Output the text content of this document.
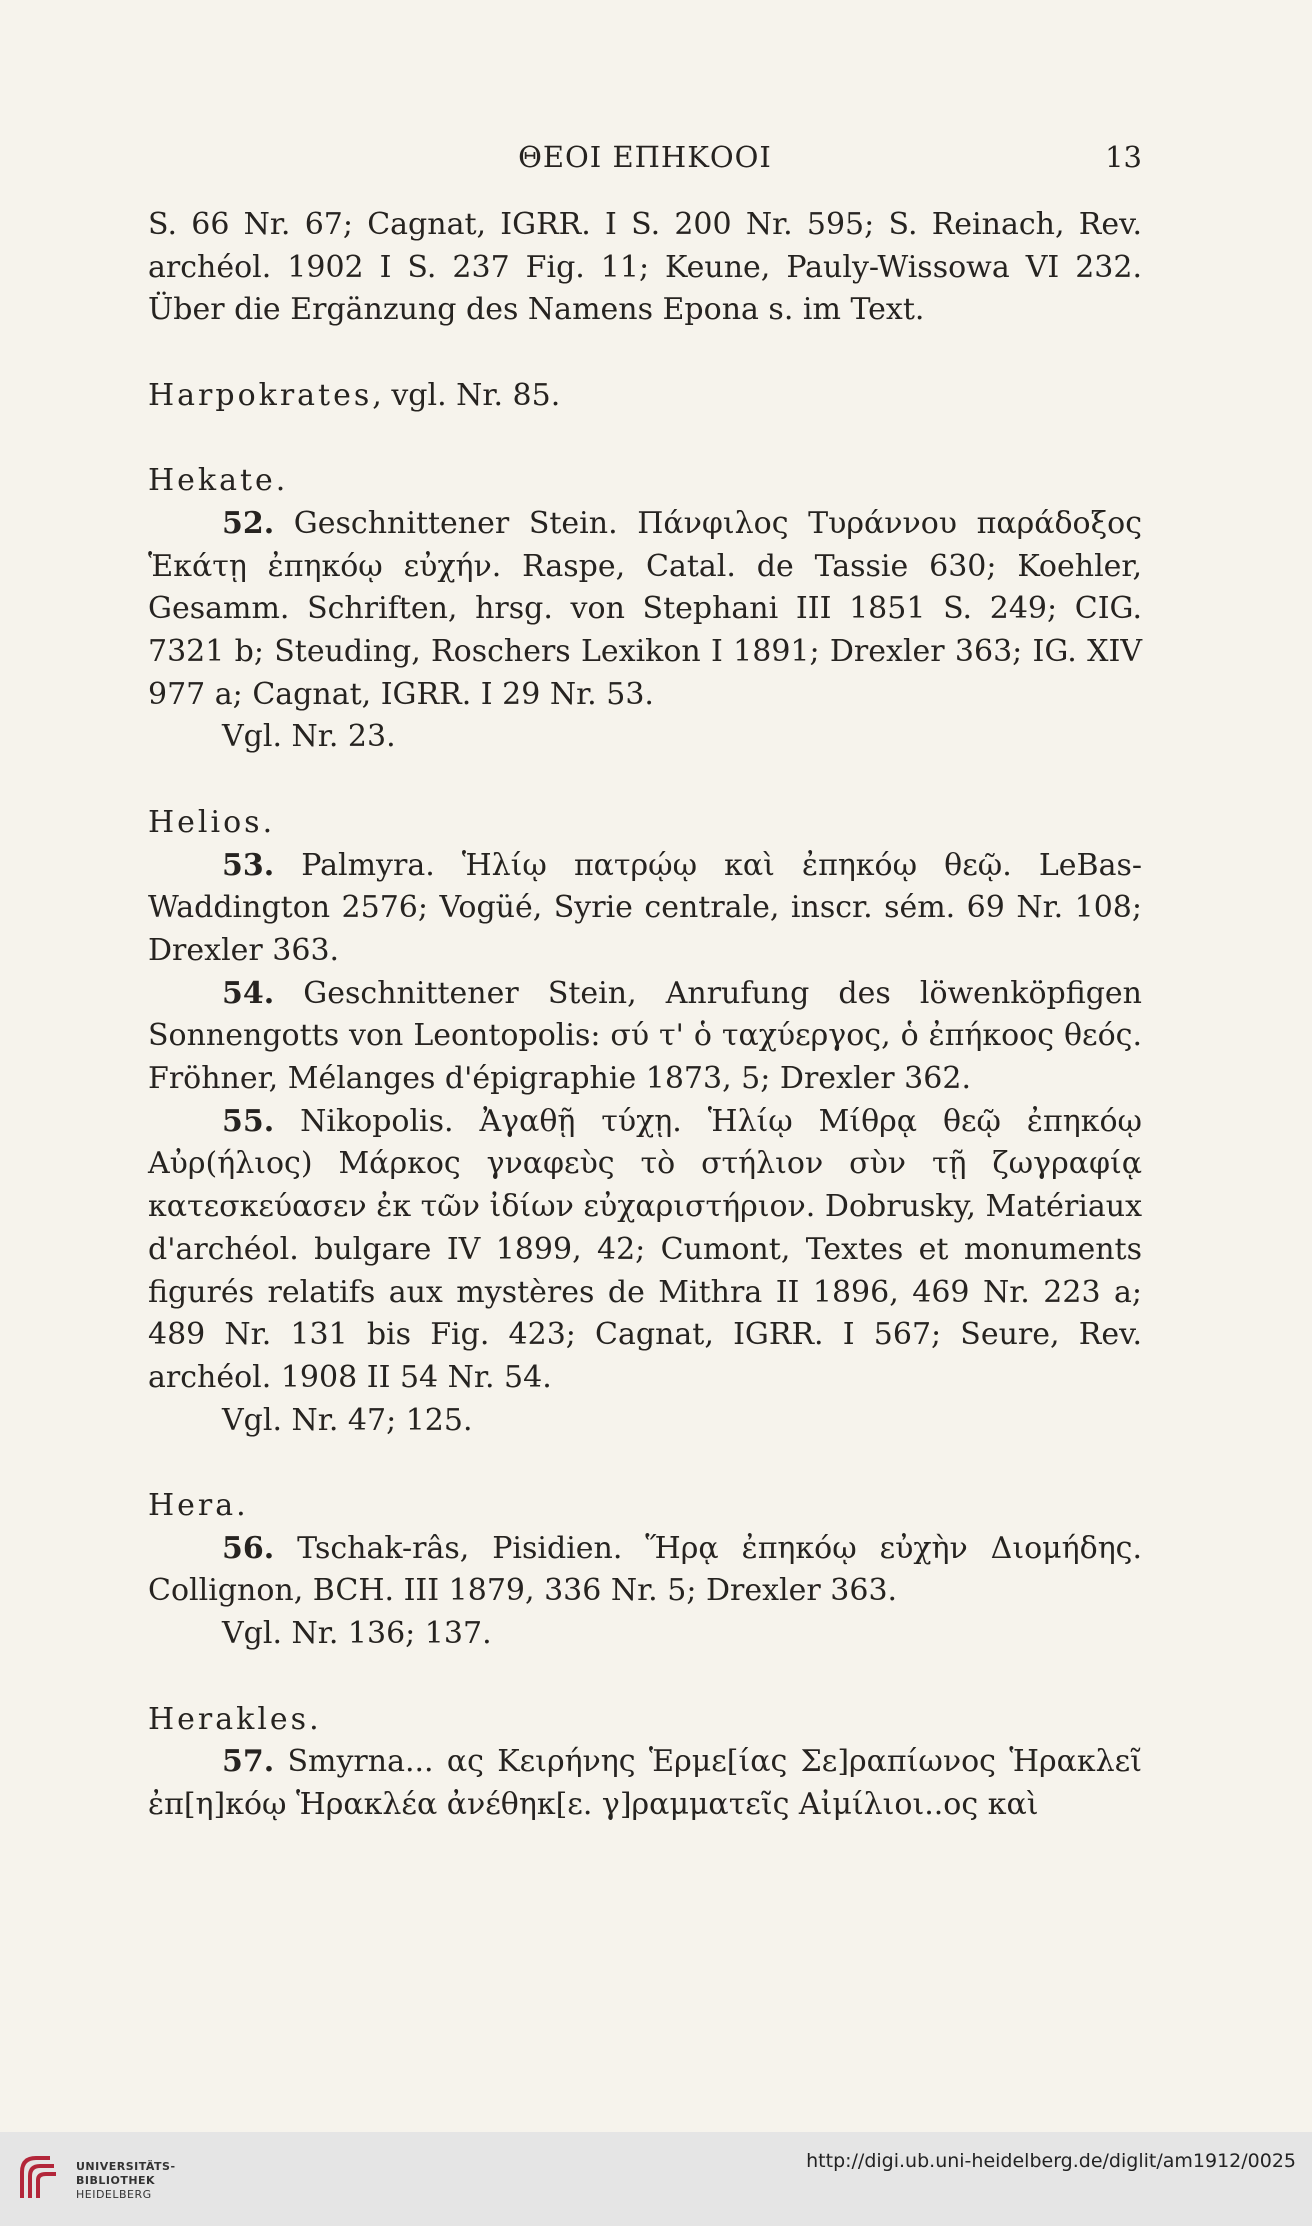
ΘΕΟΙ ΕΠΗΚΟΟΙ	13

S. 66 Nr. 67; Cagnat, IGRR. I S. 200 Nr. 595; S. Reinach, Rev. archéol. 1902 I S. 237 Fig. 11; Keune, Pauly-Wissowa VI 232. Über die Ergänzung des Namens Epona s. im Text.

Harpokrates, vgl. Nr. 85.
Hekate.

52. Geschnittener Stein. Πάνφιλος Τυράννου παράδοξος Ἑκάτῃ ἐπηκόῳ εὐχήν. Raspe, Catal. de Tassie 630; Koehler, Gesamm. Schriften, hrsg. von Stephani III 1851 S. 249; CIG. 7321 b; Steuding, Roschers Lexikon I 1891; Drexler 363; IG. XIV 977 a; Cagnat, IGRR. I 29 Nr. 53.

Vgl. Nr. 23.

Helios.

53. Palmyra. Ἡλίῳ πατρῴῳ καὶ ἐπηκόῳ θεῷ. LeBas-Waddington 2576; Vogüé, Syrie centrale, inscr. sém. 69 Nr. 108; Drexler 363.

54. Geschnittener Stein, Anrufung des löwenköpfigen Sonnengotts von Leontopolis: σύ τ' ὁ ταχύεργος, ὁ ἐπήκοος θεός. Fröhner, Mélanges d'épigraphie 1873, 5; Drexler 362.

55. Nikopolis. Ἀγαθῇ τύχῃ. Ἡλίῳ Μίθρᾳ θεῷ ἐπηκόῳ Αὐρ(ήλιος) Μάρκος γναφεὺς τὸ στήλιον σὺν τῇ ζωγραφίᾳ κατεσκεύασεν ἐκ τῶν ἰδίων εὐχαριστήριον. Dobrusky, Matériaux d'archéol. bulgare IV 1899, 42; Cumont, Textes et monuments figurés relatifs aux mystères de Mithra II 1896, 469 Nr. 223 a; 489 Nr. 131 bis Fig. 423; Cagnat, IGRR. I 567; Seure, Rev. archéol. 1908 II 54 Nr. 54.

Vgl. Nr. 47; 125.

Hera.

56. Tschak-râs, Pisidien. Ἥρᾳ ἐπηκόῳ εὐχὴν Διομήδης. Collignon, BCH. III 1879, 336 Nr. 5; Drexler 363.

Vgl. Nr. 136; 137.

Herakles.

57. Smyrna... ας Κειρήνης Ἑρμε[ίας Σε]ραπίωνος Ἡρακλεῖ ἐπ[η]κόῳ Ἡρακλέα ἀνέθηκ[ε. γ]ραμματεῖς Αἰμίλιοι..ος καὶ

UNIVERSITÄTS-
BIBLIOTHEK
HEIDELBERG
http://digi.ub.uni-heidelberg.de/diglit/am1912/0025
